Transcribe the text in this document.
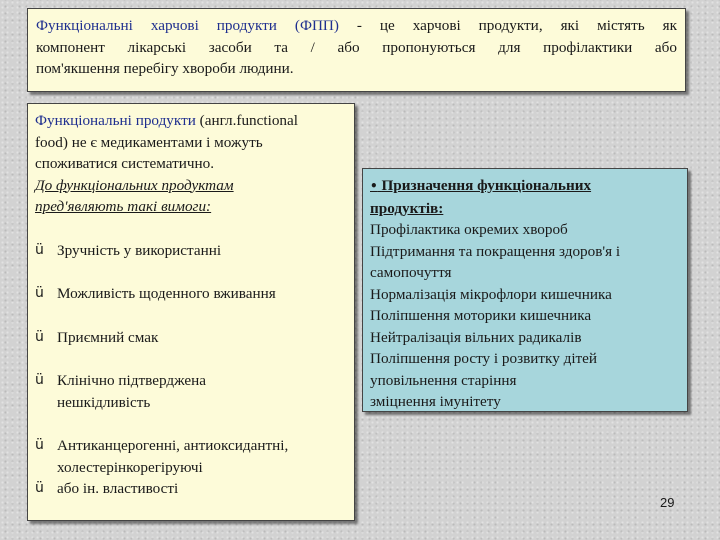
Функціональні харчові продукти (ФПП) - це харчові продукти, які містять як
компонент лікарські засоби та / або пропонуються для профілактики або
пом'якшення перебігу хвороби людини.
Функціональні продукти (англ.functional
food) не є медикаментами і можуть
споживатися систематично.
До функціональних продуктам
пред'являють такі вимоги:
ü Зручність у використанні
ü Можливість щоденного вживання
ü Приємний смак
ü Клінічно підтверджена
нешкідливість
ü Антиканцерогенні, антиоксидантні,
холестерінкорегіруючі
ü або ін. властивості
• Призначення функціональних
продуктів:
Профілактика окремих хвороб
Підтримання та покращення здоров'я і
самопочуття
Нормалізація мікрофлори кишечника
Поліпшення моторики кишечника
Нейтралізація вільних радикалів
Поліпшення росту і розвитку дітей
уповільнення старіння
зміцнення імунітету
29
